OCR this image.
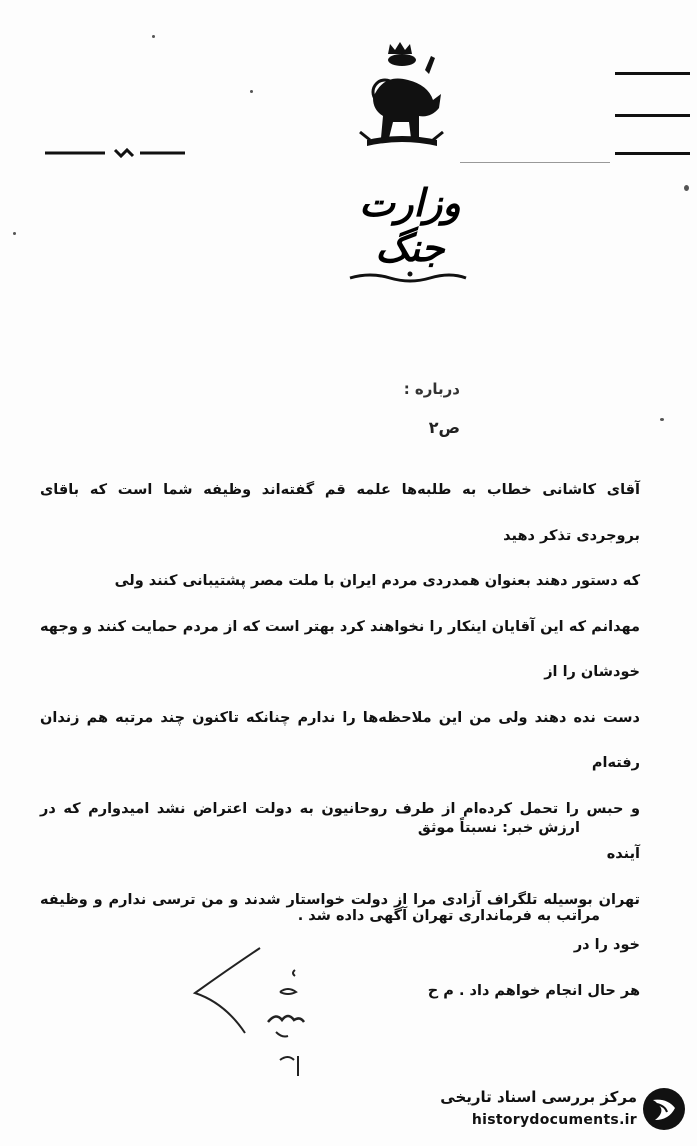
وزارت جنگ
درباره :
ص۲

آقای کاشانی خطاب به طلبه‌ها علمه قم گفته‌اند وظیفه شما است که باقای بروجردی تذکر دهید

که دستور دهند بعنوان همدردی مردم ایران با ملت مصر پشتیبانی کنند ولی

مهدانم که این آقایان اینکار را نخواهند کرد بهتر است که از مردم حمایت کنند و وجهه خودشان را از

دست نده دهند ولی من این ملاحظه‌ها را ندارم چنانکه تاکنون چند مرتبه هم زندان رفته‌ام

و حبس را تحمل کرده‌ام از طرف روحانیون به دولت اعتراض نشد امیدوارم که در آینده

تهران بوسیله تلگراف آزادی مرا از دولت خواستار شدند و من ترسی ندارم و وظیفه خود را در

هر حال انجام خواهم داد . م ح

ارزش خبر: نسبتاً موثق
مراتب به فرمانداری تهران آگهی داده شد .
مرکز بررسی اسناد تاریخی
historydocuments.ir
